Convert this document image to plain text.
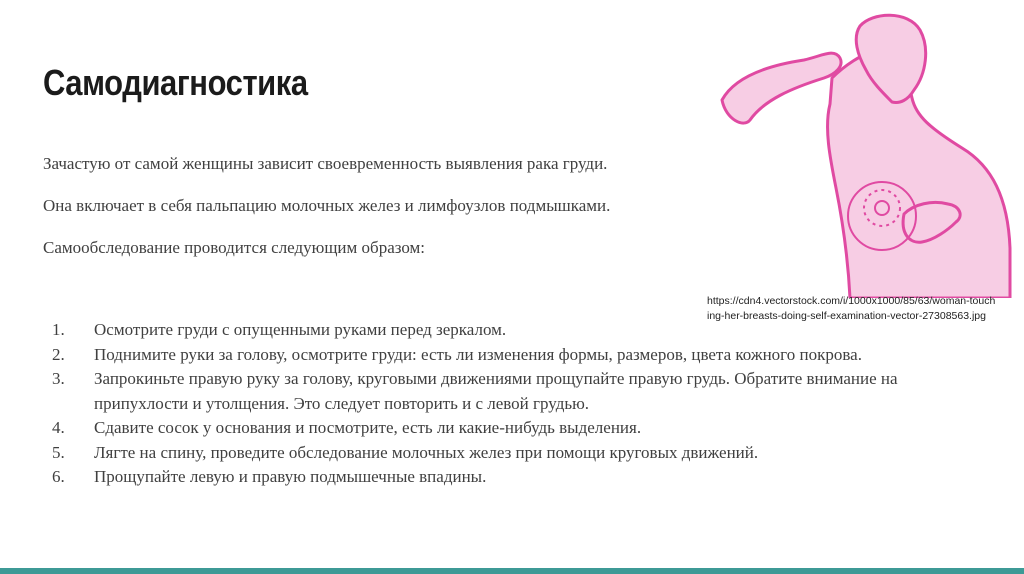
Самодиагностика
Зачастую от самой женщины зависит своевременность выявления рака груди.
Она включает в себя пальпацию молочных желез и лимфоузлов подмышками.
Самообследование проводится следующим образом:
1. Осмотрите груди с опущенными руками перед зеркалом.
2. Поднимите руки за голову, осмотрите груди: есть ли изменения формы, размеров, цвета кожного покрова.
3. Запрокиньте правую руку за голову, круговыми движениями прощупайте правую грудь. Обратите внимание на припухлости и утолщения. Это следует повторить и с левой грудью.
4. Сдавите сосок у основания и посмотрите, есть ли какие-нибудь выделения.
5. Лягте на спину, проведите обследование молочных желез при помощи круговых движений.
6. Прощупайте левую и правую подмышечные впадины.
https://cdn4.vectorstock.com/i/1000x1000/85/63/woman-touching-her-breasts-doing-self-examination-vector-27308563.jpg
